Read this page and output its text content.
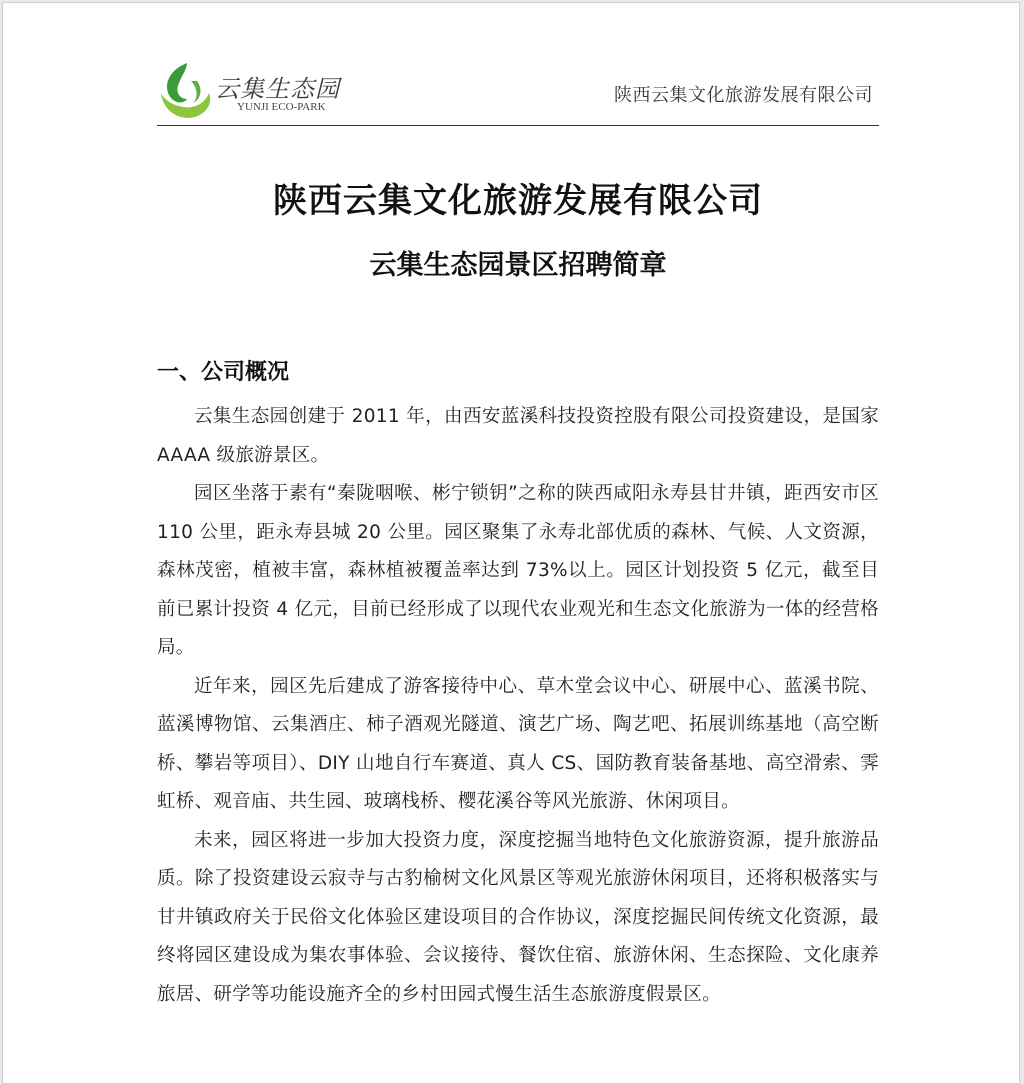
云集生态园
YUNJI ECO-PARK
陕西云集文化旅游发展有限公司
陕西云集文化旅游发展有限公司
云集生态园景区招聘简章
一、公司概况

云集生态园创建于 2011 年，由西安蓝溪科技投资控股有限公司投资建设，是国家 AAAA 级旅游景区。

园区坐落于素有“秦陇咽喉、彬宁锁钥”之称的陕西咸阳永寿县甘井镇，距西安市区 110 公里，距永寿县城 20 公里。园区聚集了永寿北部优质的森林、气候、人文资源，森林茂密，植被丰富，森林植被覆盖率达到 73%以上。园区计划投资 5 亿元，截至目前已累计投资 4 亿元，目前已经形成了以现代农业观光和生态文化旅游为一体的经营格局。

近年来，园区先后建成了游客接待中心、草木堂会议中心、研展中心、蓝溪书院、蓝溪博物馆、云集酒庄、柿子酒观光隧道、演艺广场、陶艺吧、拓展训练基地（高空断桥、攀岩等项目）、DIY 山地自行车赛道、真人 CS、国防教育装备基地、高空滑索、霁虹桥、观音庙、共生园、玻璃栈桥、樱花溪谷等风光旅游、休闲项目。

未来，园区将进一步加大投资力度，深度挖掘当地特色文化旅游资源，提升旅游品质。除了投资建设云寂寺与古豹榆树文化风景区等观光旅游休闲项目，还将积极落实与甘井镇政府关于民俗文化体验区建设项目的合作协议，深度挖掘民间传统文化资源，最终将园区建设成为集农事体验、会议接待、餐饮住宿、旅游休闲、生态探险、文化康养旅居、研学等功能设施齐全的乡村田园式慢生活生态旅游度假景区。
